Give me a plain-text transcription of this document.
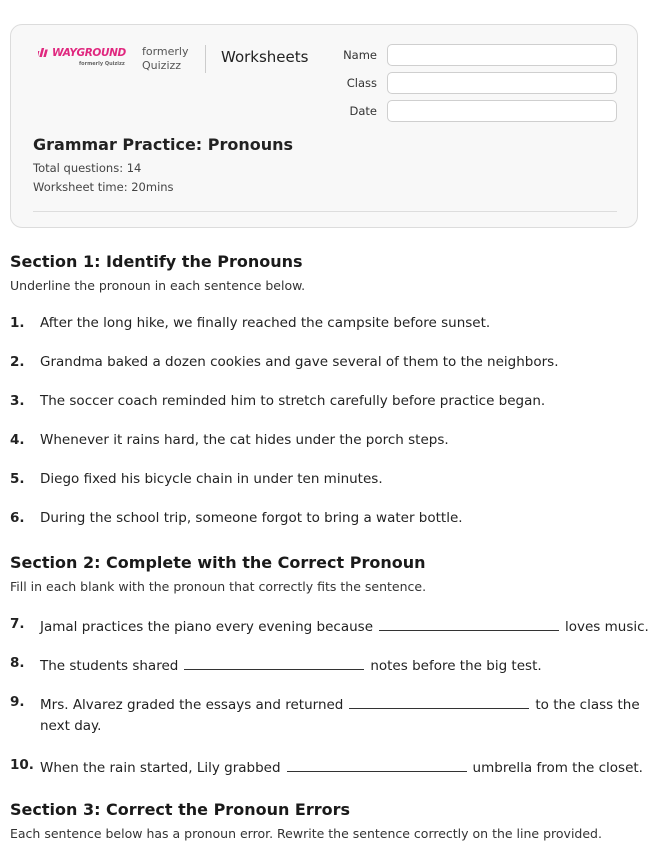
WAYGROUND
formerly Quizizz
formerly
Quizizz	Worksheets	Name
Class
Date
Grammar Practice: Pronouns
Total questions: 14
Worksheet time: 20mins
Section 1: Identify the Pronouns
Underline the pronoun in each sentence below.
1. After the long hike, we finally reached the campsite before sunset.
2. Grandma baked a dozen cookies and gave several of them to the neighbors.
3. The soccer coach reminded him to stretch carefully before practice began.
4. Whenever it rains hard, the cat hides under the porch steps.
5. Diego fixed his bicycle chain in under ten minutes.
6. During the school trip, someone forgot to bring a water bottle.
Section 2: Complete with the Correct Pronoun
Fill in each blank with the pronoun that correctly fits the sentence.
7. Jamal practices the piano every evening because	loves music.
8. The students shared	notes before the big test.
9. Mrs. Alvarez graded the essays and returned	to the class the
next day.
10. When the rain started, Lily grabbed	umbrella from the closet.
Section 3: Correct the Pronoun Errors
Each sentence below has a pronoun error. Rewrite the sentence correctly on the line provided.
